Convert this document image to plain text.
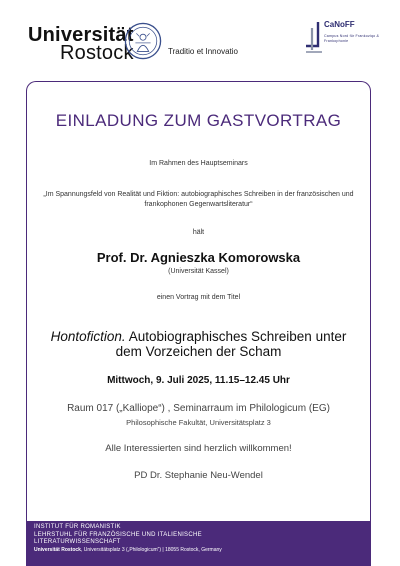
Universität
Rostock	Traditio et Innovatio
CaNoFF
Campus Nord für Frankoziqo & Frankophonie
EINLADUNG ZUM GASTVORTRAG
Im Rahmen des Hauptseminars
„Im Spannungsfeld von Realität und Fiktion: autobiographisches Schreiben in der französischen und frankophonen Gegenwartsliteratur“
hält
Prof. Dr. Agnieszka Komorowska
(Universität Kassel)
einen Vortrag mit dem Titel
Hontofiction. Autobiographisches Schreiben unter dem Vorzeichen der Scham
Mittwoch, 9. Juli 2025, 11.15–12.45 Uhr
Raum 017 („Kalliope“) , Seminarraum im Philologicum (EG)
Philosophische Fakultät, Universitätsplatz 3
Alle Interessierten sind herzlich willkommen!
PD Dr. Stephanie Neu-Wendel
INSTITUT FÜR ROMANISTIK
LEHRSTUHL FÜR FRANZÖSISCHE UND ITALIENISCHE
LITERATURWISSENSCHAFT
Universität Rostock, Universitätsplatz 3 („Philologicum“) | 18055 Rostock, Germany
